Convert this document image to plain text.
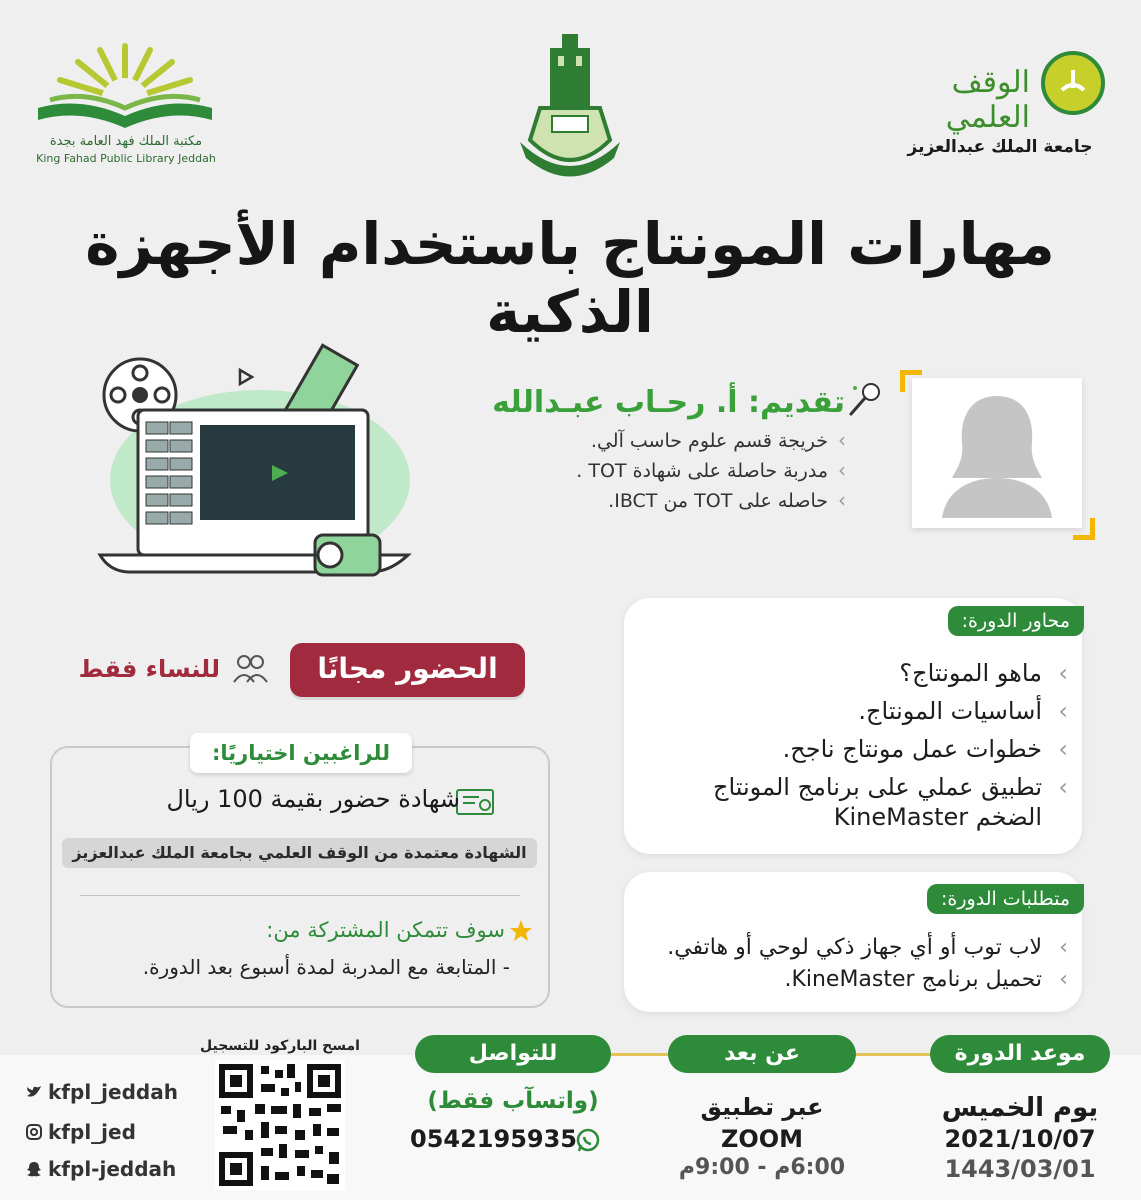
مكتبة الملك فهد العامة بجدة
King Fahad Public Library Jeddah
الوقف العلمي
جامعة الملك عبدالعزيز
مهارات المونتاج باستخدام الأجهزة الذكية
تقديم: أ. رحـاب عبـدالله
› خريجة قسم علوم حاسب آلي.
› مدربة حاصلة على شهادة TOT .
› حاصله على TOT من IBCT.
محاور الدورة:
› ماهو المونتاج؟
› أساسيات المونتاج.
› خطوات عمل مونتاج ناجح.
› تطبيق عملي على برنامج المونتاج الضخم KineMaster
متطلبات الدورة:
› لاب توب أو أي جهاز ذكي لوحي أو هاتفي.
› تحميل برنامج KineMaster.
الحضور مجانًا
للنساء فقط
للراغبين اختياريًا:
شهادة حضور بقيمة 100 ريال
الشهادة معتمدة من الوقف العلمي بجامعة الملك عبدالعزيز
سوف تتمكن المشتركة من:
- المتابعة مع المدربة لمدة أسبوع بعد الدورة.
موعد الدورة
يوم الخميس
2021/10/07
1443/03/01
عن بعد
عبر تطبيق
ZOOM
6:00م - 9:00م
للتواصل
(واتسآب فقط)
0542195935
امسح الباركود للتسجيل
kfpl_jeddah
kfpl_jed
kfpl-jeddah
